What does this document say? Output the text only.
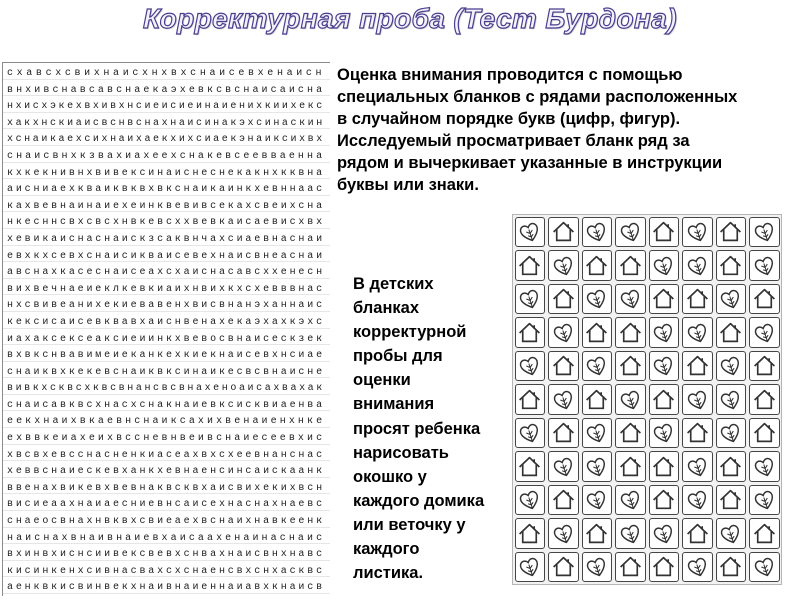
Корректурная проба (Тест Бурдона)
схавсхсвихнаисхнхвхснаисевхенаисн
внхивснавсавснаекаэхевксвснаисаисна
нхисхэкехвхивхнсиеисиеинаиенихкиихекс
хакхнскиаисвснвснахнаисинакэхсинаскин
хснаикаехсихнаихаекхихсиаекэнаиксихвх
снаисвнхкзвахиахеехснакевсеевваенна
кхкекнивнхвивексинаиснеснекакнхкквна
аисниаехкваиквквхвкснаикаинкхевннаас
кахвевнаинаиехеинквевивсекахсвеихсна
нкесннсвхсвсхнвкевсххвевкаисаевисхвх
хевикаиснаснаискзсаквнчахсиаевнаснаи
евхкхсевхснаисикваисевехнаисвнеаснаи
авснахкасеснаисеахсхаиснасавсххенесн
вихвечнаеиеклкевкиаихнвихкхсхевввнас
нхсвивеанихекиевавенхвисвнанэханнаис
кексисаисевквавхаиснвенахекаэхахкэхс
иахаксексеаксиеиинкхвевосвнаисескзек
вхвкснвавимеиеканкехкиекнаисевхнсиае
снаиквхкекевснаиквксинаикесвсвнаисне
вивкхсквсхквсвнансвсвнахеноаисахвахак
снаисавквсхнасхснакнаиевксисквиаенва
еекхнаихвкаевнснаиксахихвенаиенхнке
ехввкеиахеихвссневнвеивснаиесеевхис
хвсвхевсснасненкиасеахвхсхеевнанснас
хеввснаиескевханкхевнаенсинсаискаанк
ввенахвикевхвевнаквсквхаисвихекихвсн
висиеаахнаиаесниевнсаисехнаснахнаевс
снаеосвнахнвквхсвиеаехвснаихнавкеенк
наиснахвнаивнаиевхаисаахенаинаснаис
вхинвхиснсиивексвевхснвахнаисвнхнавс
кисинкенхсивнасвахсхснаенсвхснхасквс
аенквкисвинвекхнаивнаиеннаиавхкнаисв
Оценка внимания проводится с помощью
специальных бланков с рядами расположенных
в случайном порядке букв (цифр, фигур).
Исследуемый просматривает бланк ряд за
рядом и вычеркивает указанные в инструкции
буквы или знаки.
В детских
бланках
корректурной
пробы для
оценки
внимания
просят ребенка
нарисовать
окошко у
каждого домика
или веточку у
каждого
листика.
